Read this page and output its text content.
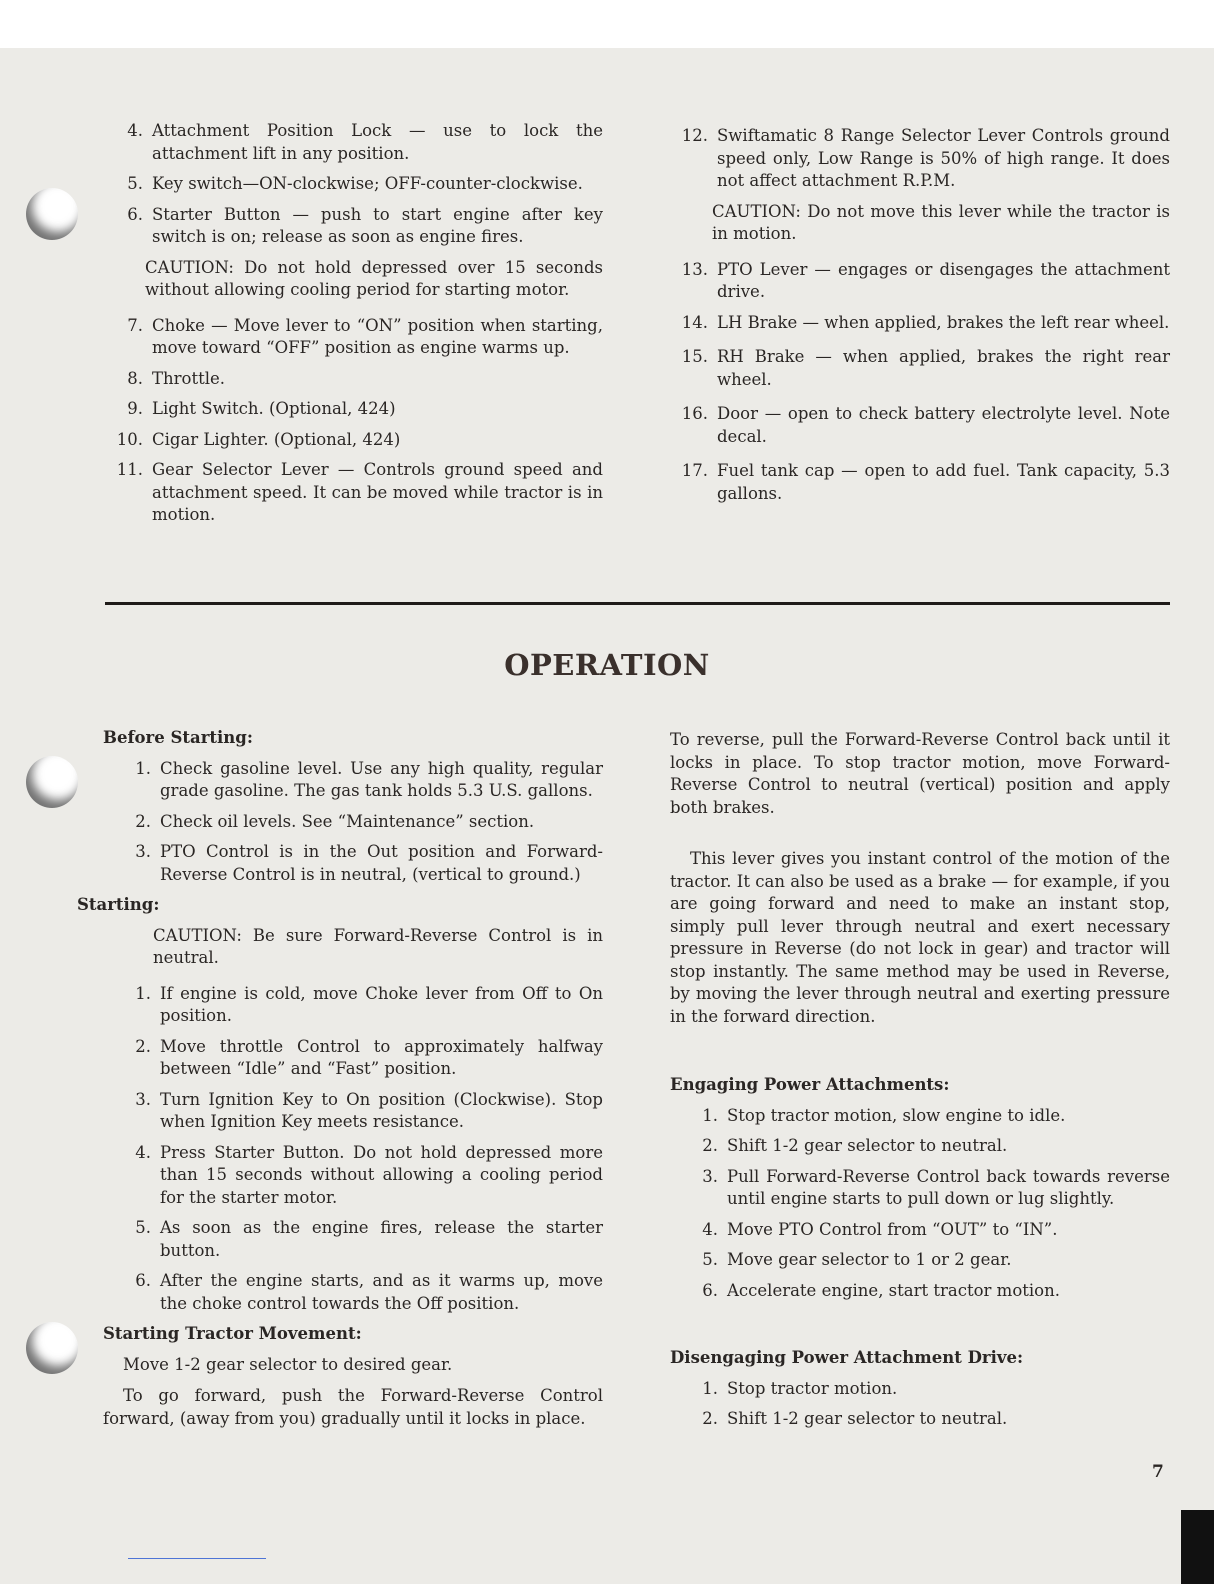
4. Attachment Position Lock — use to lock the attachment lift in any position.
5. Key switch—ON-clockwise; OFF-counter-clockwise.
6. Starter Button — push to start engine after key switch is on; release as soon as engine fires.
CAUTION: Do not hold depressed over 15 seconds without allowing cooling period for starting motor.
7. Choke — Move lever to “ON” position when starting, move toward “OFF” position as engine warms up.
8. Throttle.
9. Light Switch. (Optional, 424)
10. Cigar Lighter. (Optional, 424)
11. Gear Selector Lever — Controls ground speed and attachment speed. It can be moved while tractor is in motion.
12. Swiftamatic 8 Range Selector Lever Controls ground speed only, Low Range is 50% of high range. It does not affect attachment R.P.M.
CAUTION: Do not move this lever while the tractor is in motion.
13. PTO Lever — engages or disengages the attachment drive.
14. LH Brake — when applied, brakes the left rear wheel.
15. RH Brake — when applied, brakes the right rear wheel.
16. Door — open to check battery electrolyte level. Note decal.
17. Fuel tank cap — open to add fuel. Tank capacity, 5.3 gallons.
OPERATION
Before Starting:
1. Check gasoline level. Use any high quality, regular grade gasoline. The gas tank holds 5.3 U.S. gallons.
2. Check oil levels. See “Maintenance” section.
3. PTO Control is in the Out position and Forward-Reverse Control is in neutral, (vertical to ground.)
Starting:
CAUTION: Be sure Forward-Reverse Control is in neutral.
1. If engine is cold, move Choke lever from Off to On position.
2. Move throttle Control to approximately halfway between “Idle” and “Fast” position.
3. Turn Ignition Key to On position (Clockwise). Stop when Ignition Key meets resistance.
4. Press Starter Button. Do not hold depressed more than 15 seconds without allowing a cooling period for the starter motor.
5. As soon as the engine fires, release the starter button.
6. After the engine starts, and as it warms up, move the choke control towards the Off position.
Starting Tractor Movement:
Move 1-2 gear selector to desired gear.
To go forward, push the Forward-Reverse Control forward, (away from you) gradually until it locks in place.
To reverse, pull the Forward-Reverse Control back until it locks in place. To stop tractor motion, move Forward-Reverse Control to neutral (vertical) position and apply both brakes.
This lever gives you instant control of the motion of the tractor. It can also be used as a brake — for example, if you are going forward and need to make an instant stop, simply pull lever through neutral and exert necessary pressure in Reverse (do not lock in gear) and tractor will stop instantly. The same method may be used in Reverse, by moving the lever through neutral and exerting pressure in the forward direction.
Engaging Power Attachments:
1. Stop tractor motion, slow engine to idle.
2. Shift 1-2 gear selector to neutral.
3. Pull Forward-Reverse Control back towards reverse until engine starts to pull down or lug slightly.
4. Move PTO Control from “OUT” to “IN”.
5. Move gear selector to 1 or 2 gear.
6. Accelerate engine, start tractor motion.
Disengaging Power Attachment Drive:
1. Stop tractor motion.
2. Shift 1-2 gear selector to neutral.
7
